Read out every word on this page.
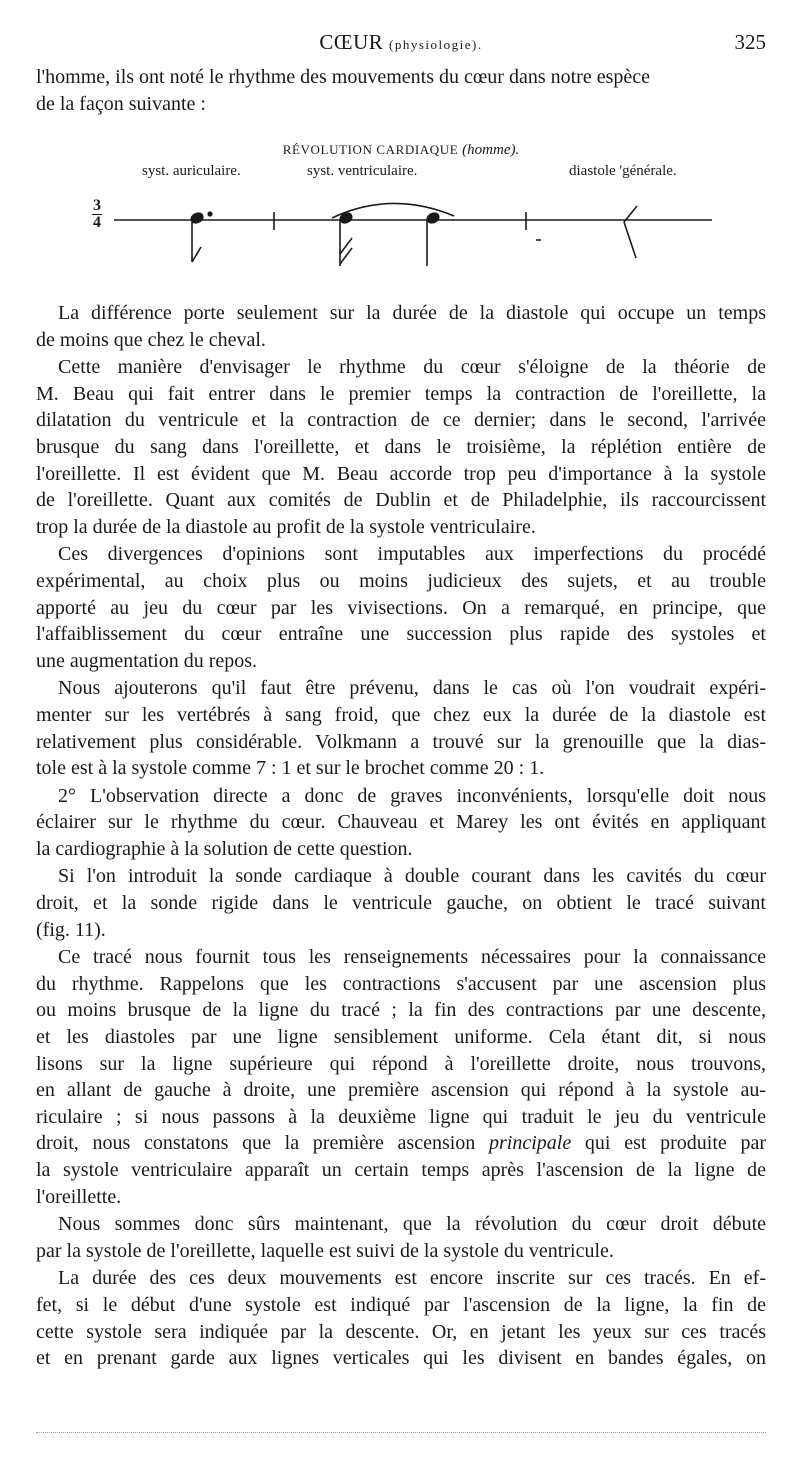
CŒUR (physiologie).	325
l'homme, ils ont noté le rhythme des mouvements du cœur dans notre espèce
de la façon suivante :
RÉVOLUTION CARDIAQUE (homme).
syst. auriculaire.	syst. ventriculaire.	diastole 'générale.
$\frac{3}{4}$
La différence porte seulement sur la durée de la diastole qui occupe un temps
de moins que chez le cheval.
Cette manière d'envisager le rhythme du cœur s'éloigne de la théorie de
M. Beau qui fait entrer dans le premier temps la contraction de l'oreillette, la
dilatation du ventricule et la contraction de ce dernier; dans le second, l'arrivée
brusque du sang dans l'oreillette, et dans le troisième, la réplétion entière de
l'oreillette. Il est évident que M. Beau accorde trop peu d'importance à la systole
de l'oreillette. Quant aux comités de Dublin et de Philadelphie, ils raccourcissent
trop la durée de la diastole au profit de la systole ventriculaire.
Ces divergences d'opinions sont imputables aux imperfections du procédé
expérimental, au choix plus ou moins judicieux des sujets, et au trouble
apporté au jeu du cœur par les vivisections. On a remarqué, en principe, que
l'affaiblissement du cœur entraîne une succession plus rapide des systoles et
une augmentation du repos.
Nous ajouterons qu'il faut être prévenu, dans le cas où l'on voudrait expéri-
menter sur les vertébrés à sang froid, que chez eux la durée de la diastole est
relativement plus considérable. Volkmann a trouvé sur la grenouille que la dias-
tole est à la systole comme 7 : 1 et sur le brochet comme 20 : 1.
2° L'observation directe a donc de graves inconvénients, lorsqu'elle doit nous
éclairer sur le rhythme du cœur. Chauveau et Marey les ont évités en appliquant
la cardiographie à la solution de cette question.
Si l'on introduit la sonde cardiaque à double courant dans les cavités du cœur
droit, et la sonde rigide dans le ventricule gauche, on obtient le tracé suivant
(fig. 11).
Ce tracé nous fournit tous les renseignements nécessaires pour la connaissance
du rhythme. Rappelons que les contractions s'accusent par une ascension plus
ou moins brusque de la ligne du tracé ; la fin des contractions par une descente,
et les diastoles par une ligne sensiblement uniforme. Cela étant dit, si nous
lisons sur la ligne supérieure qui répond à l'oreillette droite, nous trouvons,
en allant de gauche à droite, une première ascension qui répond à la systole au-
riculaire ; si nous passons à la deuxième ligne qui traduit le jeu du ventricule
droit, nous constatons que la première ascension principale qui est produite par
la systole ventriculaire apparaît un certain temps après l'ascension de la ligne de
l'oreillette.
Nous sommes donc sûrs maintenant, que la révolution du cœur droit débute
par la systole de l'oreillette, laquelle est suivi de la systole du ventricule.
La durée des ces deux mouvements est encore inscrite sur ces tracés. En ef-
fet, si le début d'une systole est indiqué par l'ascension de la ligne, la fin de
cette systole sera indiquée par la descente. Or, en jetant les yeux sur ces tracés
et en prenant garde aux lignes verticales qui les divisent en bandes égales, on
